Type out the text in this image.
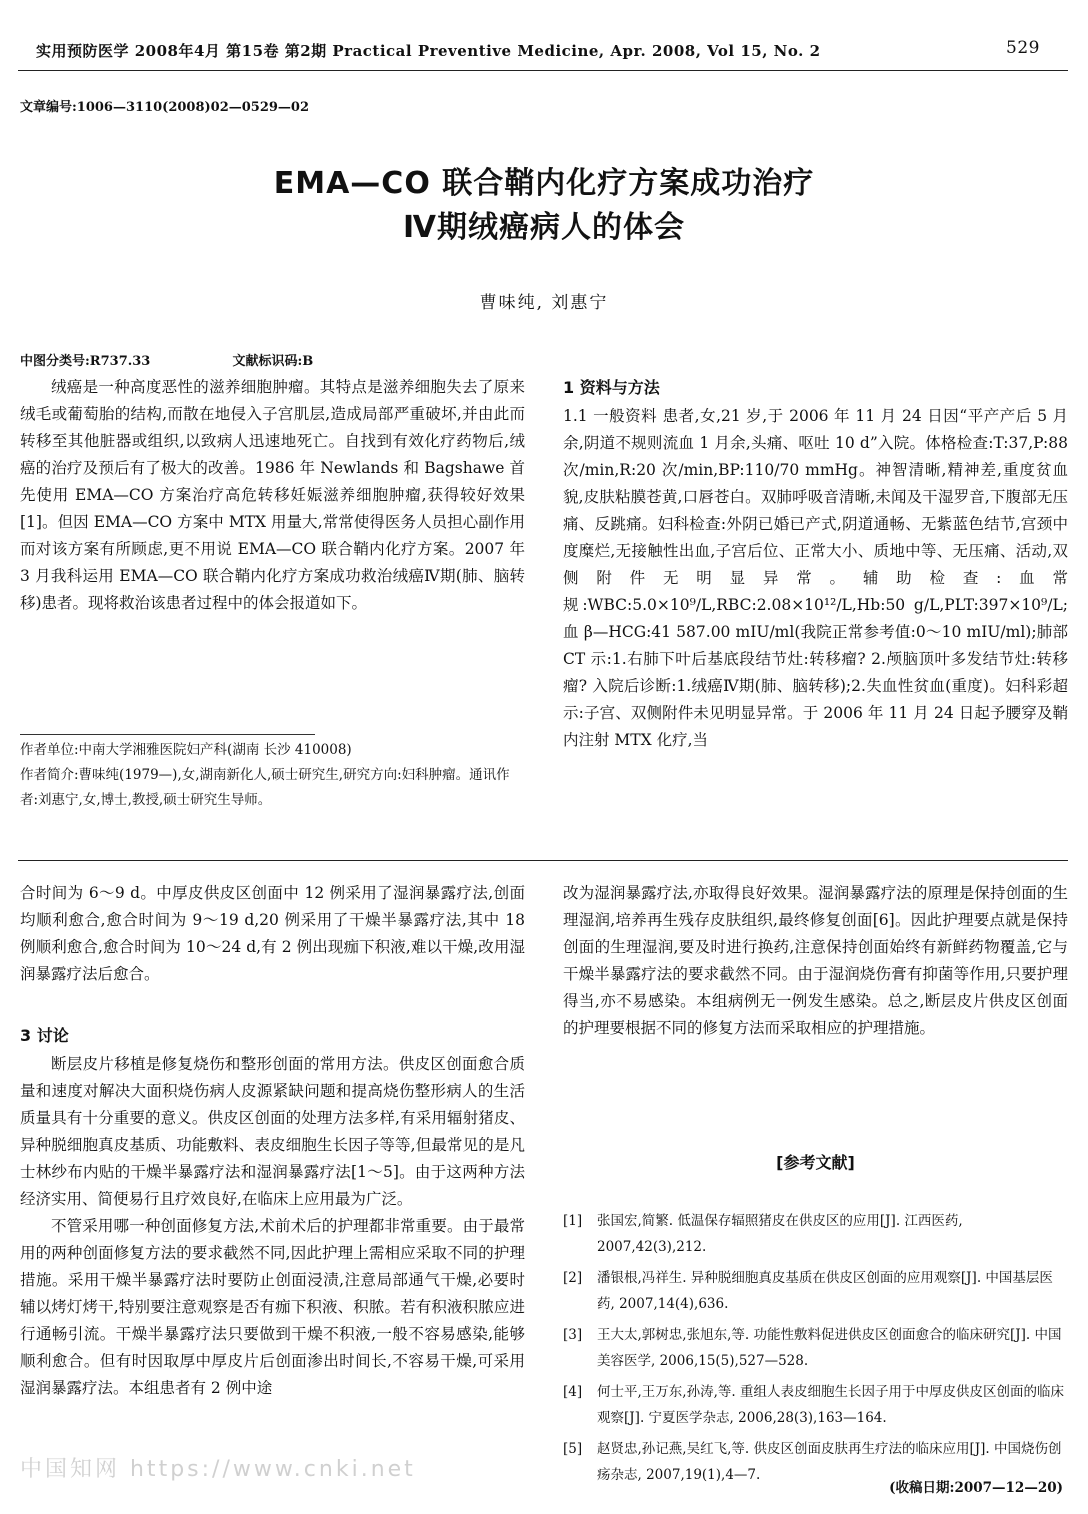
实用预防医学 2008年4月 第15卷 第2期 Practical Preventive Medicine, Apr. 2008, Vol 15, No. 2	529
文章编号:1006—3110(2008)02—0529—02
EMA—CO 联合鞘内化疗方案成功治疗
Ⅳ期绒癌病人的体会
曹味纯, 刘惠宁
中图分类号:R737.33	文献标识码:B

绒癌是一种高度恶性的滋养细胞肿瘤。其特点是滋养细胞失去了原来绒毛或葡萄胎的结构,而散在地侵入子宫肌层,造成局部严重破坏,并由此而转移至其他脏器或组织,以致病人迅速地死亡。自找到有效化疗药物后,绒癌的治疗及预后有了极大的改善。1986 年 Newlands 和 Bagshawe 首先使用 EMA—CO 方案治疗高危转移妊娠滋养细胞肿瘤,获得较好效果[1]。但因 EMA—CO 方案中 MTX 用量大,常常使得医务人员担心副作用而对该方案有所顾虑,更不用说 EMA—CO 联合鞘内化疗方案。2007 年 3 月我科运用 EMA—CO 联合鞘内化疗方案成功救治绒癌Ⅳ期(肺、脑转移)患者。现将救治该患者过程中的体会报道如下。

作者单位:中南大学湘雅医院妇产科(湖南 长沙 410008)
作者简介:曹味纯(1979—),女,湖南新化人,硕士研究生,研究方向:妇科肿瘤。通讯作者:刘惠宁,女,博士,教授,硕士研究生导师。
1 资料与方法

1.1 一般资料 患者,女,21 岁,于 2006 年 11 月 24 日因“平产产后 5 月余,阴道不规则流血 1 月余,头痛、呕吐 10 d”入院。体格检查:T:37,P:88 次/min,R:20 次/min,BP:110/70 mmHg。神智清晰,精神差,重度贫血貌,皮肤粘膜苍黄,口唇苍白。双肺呼吸音清晰,未闻及干湿罗音,下腹部无压痛、反跳痛。妇科检查:外阴已婚已产式,阴道通畅、无紫蓝色结节,宫颈中度糜烂,无接触性出血,子宫后位、正常大小、质地中等、无压痛、活动,双侧附件无明显异常。辅助检查:血常规:WBC:5.0×10⁹/L,RBC:2.08×10¹²/L,Hb:50 g/L,PLT:397×10⁹/L;血 β—HCG:41 587.00 mIU/ml(我院正常参考值:0～10 mIU/ml);肺部CT 示:1.右肺下叶后基底段结节灶:转移瘤? 2.颅脑顶叶多发结节灶:转移瘤? 入院后诊断:1.绒癌Ⅳ期(肺、脑转移);2.失血性贫血(重度)。妇科彩超示:子宫、双侧附件未见明显异常。于 2006 年 11 月 24 日起予腰穿及鞘内注射 MTX 化疗,当

合时间为 6～9 d。中厚皮供皮区创面中 12 例采用了湿润暴露疗法,创面均顺利愈合,愈合时间为 9～19 d,20 例采用了干燥半暴露疗法,其中 18 例顺利愈合,愈合时间为 10～24 d,有 2 例出现痂下积液,难以干燥,改用湿润暴露疗法后愈合。

3 讨论

断层皮片移植是修复烧伤和整形创面的常用方法。供皮区创面愈合质量和速度对解决大面积烧伤病人皮源紧缺问题和提高烧伤整形病人的生活质量具有十分重要的意义。供皮区创面的处理方法多样,有采用辐射猪皮、异种脱细胞真皮基质、功能敷料、表皮细胞生长因子等等,但最常见的是凡士林纱布内贴的干燥半暴露疗法和湿润暴露疗法[1～5]。由于这两种方法经济实用、简便易行且疗效良好,在临床上应用最为广泛。

不管采用哪一种创面修复方法,术前术后的护理都非常重要。由于最常用的两种创面修复方法的要求截然不同,因此护理上需相应采取不同的护理措施。采用干燥半暴露疗法时要防止创面浸渍,注意局部通气干燥,必要时辅以烤灯烤干,特别要注意观察是否有痂下积液、积脓。若有积液积脓应进行通畅引流。干燥半暴露疗法只要做到干燥不积液,一般不容易感染,能够顺利愈合。但有时因取厚中厚皮片后创面渗出时间长,不容易干燥,可采用湿润暴露疗法。本组患者有 2 例中途

改为湿润暴露疗法,亦取得良好效果。湿润暴露疗法的原理是保持创面的生理湿润,培养再生残存皮肤组织,最终修复创面[6]。因此护理要点就是保持创面的生理湿润,要及时进行换药,注意保持创面始终有新鲜药物覆盖,它与干燥半暴露疗法的要求截然不同。由于湿润烧伤膏有抑菌等作用,只要护理得当,亦不易感染。本组病例无一例发生感染。总之,断层皮片供皮区创面的护理要根据不同的修复方法而采取相应的护理措施。

[参考文献]
[1]	张国宏,简繁. 低温保存辐照猪皮在供皮区的应用[J]. 江西医药, 2007,42(3),212.
[2]	潘银根,冯祥生. 异种脱细胞真皮基质在供皮区创面的应用观察[J]. 中国基层医药, 2007,14(4),636.
[3]	王大太,郭树忠,张旭东,等. 功能性敷料促进供皮区创面愈合的临床研究[J]. 中国美容医学, 2006,15(5),527—528.
[4]	何士平,王万东,孙涛,等. 重组人表皮细胞生长因子用于中厚皮供皮区创面的临床观察[J]. 宁夏医学杂志, 2006,28(3),163—164.
[5]	赵贤忠,孙记燕,吴红飞,等. 供皮区创面皮肤再生疗法的临床应用[J]. 中国烧伤创疡杂志, 2007,19(1),4—7.
(收稿日期:2007—12—20)
中国知网 https://www.cnki.net
